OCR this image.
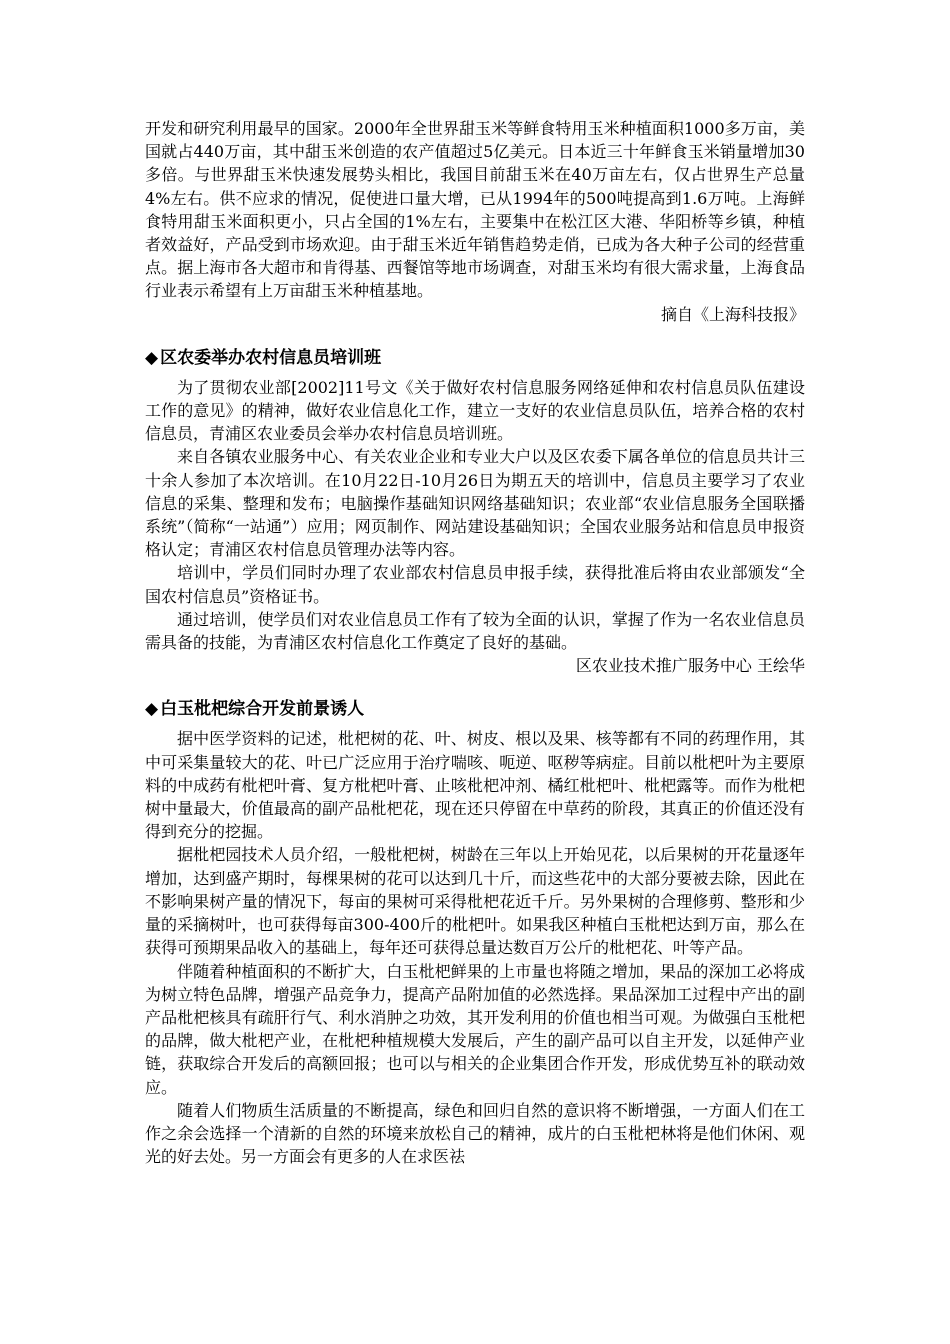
开发和研究利用最早的国家。2000年全世界甜玉米等鲜食特用玉米种植面积1000多万亩，美国就占440万亩，其中甜玉米创造的农产值超过5亿美元。日本近三十年鲜食玉米销量增加30多倍。与世界甜玉米快速发展势头相比，我国目前甜玉米在40万亩左右，仅占世界生产总量4%左右。供不应求的情况，促使进口量大增，已从1994年的500吨提高到1.6万吨。上海鲜食特用甜玉米面积更小，只占全国的1%左右，主要集中在松江区大港、华阳桥等乡镇，种植者效益好，产品受到市场欢迎。由于甜玉米近年销售趋势走俏，已成为各大种子公司的经营重点。据上海市各大超市和肯得基、西餐馆等地市场调查，对甜玉米均有很大需求量，上海食品行业表示希望有上万亩甜玉米种植基地。

摘自《上海科技报》

◆ 区农委举办农村信息员培训班

为了贯彻农业部[2002]11号文《关于做好农村信息服务网络延伸和农村信息员队伍建设工作的意见》的精神，做好农业信息化工作，建立一支好的农业信息员队伍，培养合格的农村信息员，青浦区农业委员会举办农村信息员培训班。

来自各镇农业服务中心、有关农业企业和专业大户以及区农委下属各单位的信息员共计三十余人参加了本次培训。在10月22日-10月26日为期五天的培训中，信息员主要学习了农业信息的采集、整理和发布；电脑操作基础知识网络基础知识；农业部“农业信息服务全国联播系统”（简称“一站通”）应用；网页制作、网站建设基础知识；全国农业服务站和信息员申报资格认定；青浦区农村信息员管理办法等内容。

培训中，学员们同时办理了农业部农村信息员申报手续，获得批准后将由农业部颁发“全国农村信息员”资格证书。

通过培训，使学员们对农业信息员工作有了较为全面的认识，掌握了作为一名农业信息员需具备的技能，为青浦区农村信息化工作奠定了良好的基础。

区农业技术推广服务中心 王绘华

◆ 白玉枇杷综合开发前景诱人

据中医学资料的记述，枇杷树的花、叶、树皮、根以及果、核等都有不同的药理作用，其中可采集量较大的花、叶已广泛应用于治疗喘咳、呃逆、呕秽等病症。目前以枇杷叶为主要原料的中成药有枇杷叶膏、复方枇杷叶膏、止咳枇杷冲剂、橘红枇杷叶、枇杷露等。而作为枇杷树中量最大，价值最高的副产品枇杷花，现在还只停留在中草药的阶段，其真正的价值还没有得到充分的挖掘。

据枇杷园技术人员介绍，一般枇杷树，树龄在三年以上开始见花，以后果树的开花量逐年增加，达到盛产期时，每棵果树的花可以达到几十斤，而这些花中的大部分要被去除，因此在不影响果树产量的情况下，每亩的果树可采得枇杷花近千斤。另外果树的合理修剪、整形和少量的采摘树叶，也可获得每亩300-400斤的枇杷叶。如果我区种植白玉枇杷达到万亩，那么在获得可预期果品收入的基础上，每年还可获得总量达数百万公斤的枇杷花、叶等产品。

伴随着种植面积的不断扩大，白玉枇杷鲜果的上市量也将随之增加，果品的深加工必将成为树立特色品牌，增强产品竞争力，提高产品附加值的必然选择。果品深加工过程中产出的副产品枇杷核具有疏肝行气、利水消肿之功效，其开发利用的价值也相当可观。为做强白玉枇杷的品牌，做大枇杷产业，在枇杷种植规模大发展后，产生的副产品可以自主开发，以延伸产业链，获取综合开发后的高额回报；也可以与相关的企业集团合作开发，形成优势互补的联动效应。

随着人们物质生活质量的不断提高，绿色和回归自然的意识将不断增强，一方面人们在工作之余会选择一个清新的自然的环境来放松自己的精神，成片的白玉枇杷林将是他们休闲、观光的好去处。另一方面会有更多的人在求医祛
